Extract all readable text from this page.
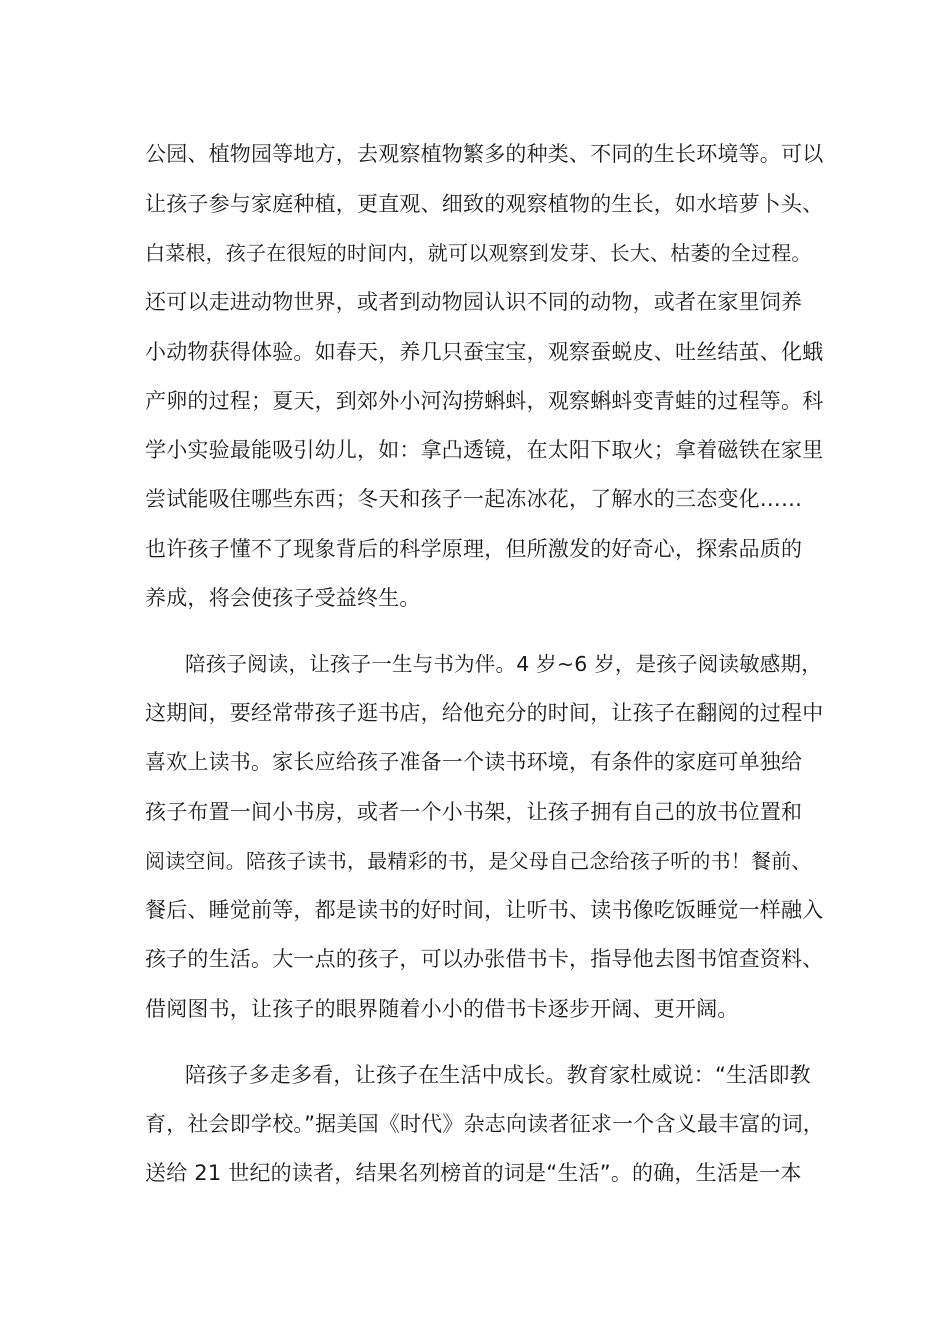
公园、植物园等地方，去观察植物繁多的种类、不同的生长环境等。可以
让孩子参与家庭种植，更直观、细致的观察植物的生长，如水培萝卜头、
白菜根，孩子在很短的时间内，就可以观察到发芽、长大、枯萎的全过程。
还可以走进动物世界，或者到动物园认识不同的动物，或者在家里饲养
小动物获得体验。如春天，养几只蚕宝宝，观察蚕蜕皮、吐丝结茧、化蛾
产卵的过程；夏天，到郊外小河沟捞蝌蚪，观察蝌蚪变青蛙的过程等。科
学小实验最能吸引幼儿，如：拿凸透镜，在太阳下取火；拿着磁铁在家里
尝试能吸住哪些东西；冬天和孩子一起冻冰花，了解水的三态变化……
也许孩子懂不了现象背后的科学原理，但所激发的好奇心，探索品质的
养成，将会使孩子受益终生。
陪孩子阅读，让孩子一生与书为伴。4 岁~6 岁，是孩子阅读敏感期，
这期间，要经常带孩子逛书店，给他充分的时间，让孩子在翻阅的过程中
喜欢上读书。家长应给孩子准备一个读书环境，有条件的家庭可单独给
孩子布置一间小书房，或者一个小书架，让孩子拥有自己的放书位置和
阅读空间。陪孩子读书，最精彩的书，是父母自己念给孩子听的书！餐前、
餐后、睡觉前等，都是读书的好时间，让听书、读书像吃饭睡觉一样融入
孩子的生活。大一点的孩子，可以办张借书卡，指导他去图书馆查资料、
借阅图书，让孩子的眼界随着小小的借书卡逐步开阔、更开阔。
陪孩子多走多看，让孩子在生活中成长。教育家杜威说：“生活即教
育，社会即学校。”据美国《时代》杂志向读者征求一个含义最丰富的词，
送给 21 世纪的读者，结果名列榜首的词是“生活”。的确，生活是一本
